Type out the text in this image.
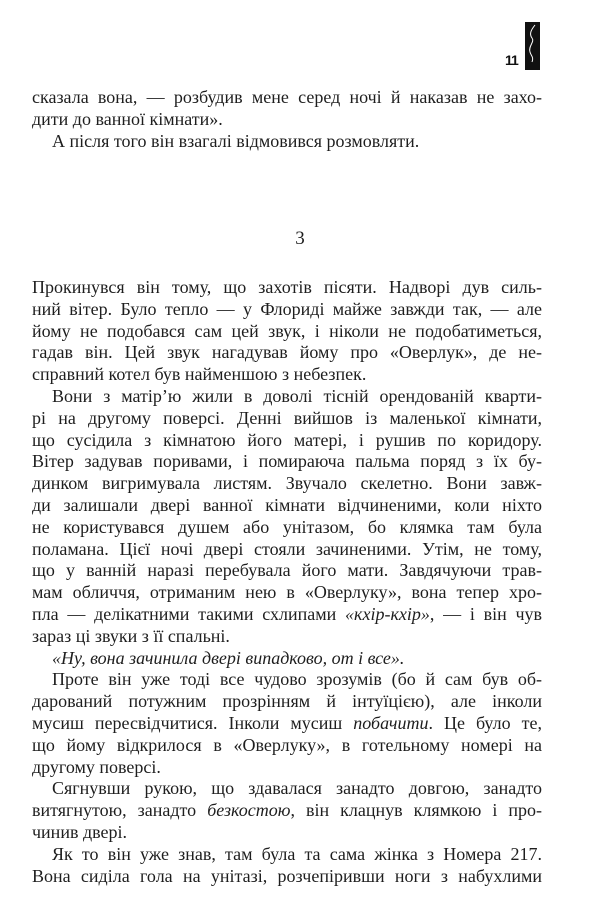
11
сказала вона, — розбудив мене серед ночі й наказав не захо-
дити до ванної кімнати».
А після того він взагалі відмовився розмовляти.
3
Прокинувся він тому, що захотів пісяти. Надворі дув силь-
ний вітер. Було тепло — у Флориді майже завжди так, — але
йому не подобався сам цей звук, і ніколи не подобатиметься,
гадав він. Цей звук нагадував йому про «Оверлук», де не-
справний котел був найменшою з небезпек.
Вони з матір’ю жили в доволі тісній орендованій кварти-
рі на другому поверсі. Денні вийшов із маленької кімнати,
що сусідила з кімнатою його матері, і рушив по коридору.
Вітер задував поривами, і помираюча пальма поряд з їх бу-
динком вигримувала листям. Звучало скелетно. Вони завж-
ди залишали двері ванної кімнати відчиненими, коли ніхто
не користувався душем або унітазом, бо клямка там була
поламана. Цієї ночі двері стояли зачиненими. Утім, не тому,
що у ванній наразі перебувала його мати. Завдячуючи трав-
мам обличчя, отриманим нею в «Оверлуку», вона тепер хро-
пла — делікатними такими схлипами «кхір-кхір», — і він чув
зараз ці звуки з її спальні.
«Ну, вона зачинила двері випадково, от і все».
Проте він уже тоді все чудово зрозумів (бо й сам був об-
дарований потужним прозрінням й інтуїцією), але інколи
мусиш пересвідчитися. Інколи мусиш побачити. Це було те,
що йому відкрилося в «Оверлуку», в готельному номері на
другому поверсі.
Сягнувши рукою, що здавалася занадто довгою, занадто
витягнутою, занадто безкостою, він клацнув клямкою і про-
чинив двері.
Як то він уже знав, там була та сама жінка з Номера 217.
Вона сиділа гола на унітазі, розчепіривши ноги з набухлими
